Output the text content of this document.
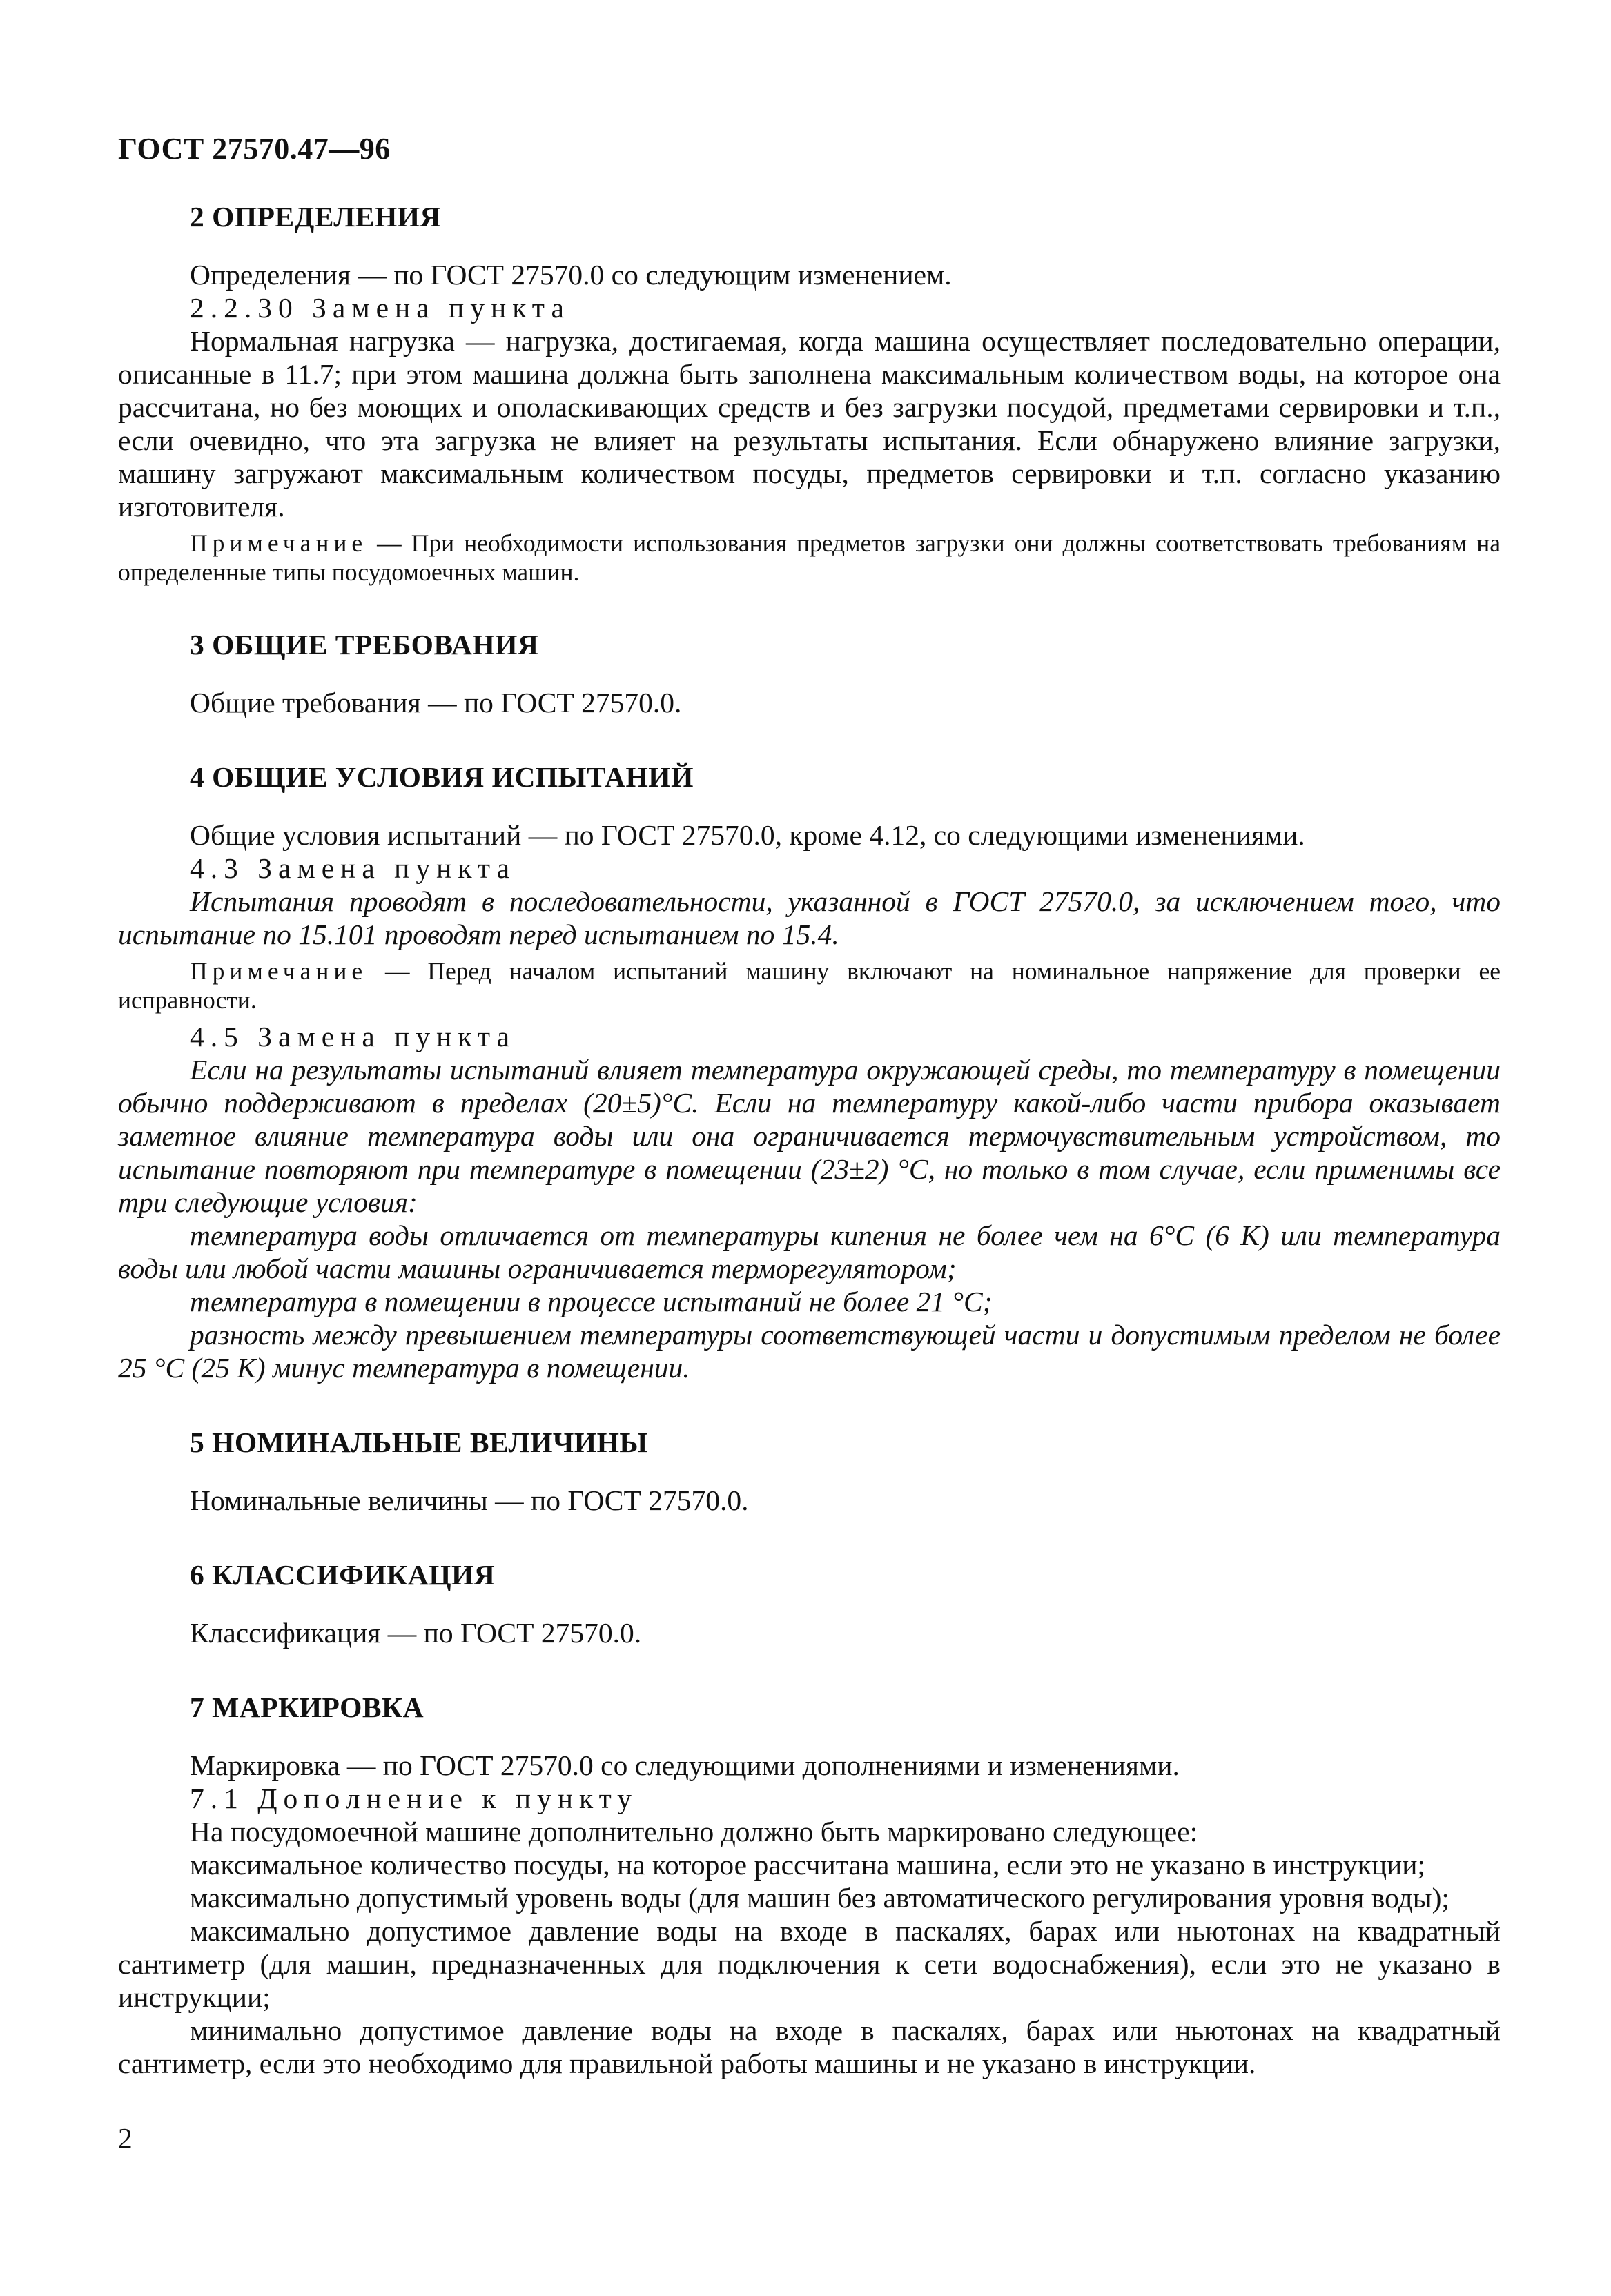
ГОСТ 27570.47—96
2 ОПРЕДЕЛЕНИЯ

Определения — по ГОСТ 27570.0 со следующим изменением.

2.2.30 Замена пункта

Нормальная нагрузка — нагрузка, достигаемая, когда машина осуществляет последовательно операции, описанные в 11.7; при этом машина должна быть заполнена максимальным количеством воды, на которое она рассчитана, но без моющих и ополаскивающих средств и без загрузки посудой, предметами сервировки и т.п., если очевидно, что эта загрузка не влияет на результаты испытания. Если обнаружено влияние загрузки, машину загружают максимальным количеством посуды, предметов сервировки и т.п. согласно указанию изготовителя.

Примечание — При необходимости использования предметов загрузки они должны соответствовать требованиям на определенные типы посудомоечных машин.

3 ОБЩИЕ ТРЕБОВАНИЯ

Общие требования — по ГОСТ 27570.0.

4 ОБЩИЕ УСЛОВИЯ ИСПЫТАНИЙ

Общие условия испытаний — по ГОСТ 27570.0, кроме 4.12, со следующими изменениями.

4.3 Замена пункта

Испытания проводят в последовательности, указанной в ГОСТ 27570.0, за исключением того, что испытание по 15.101 проводят перед испытанием по 15.4.

Примечание — Перед началом испытаний машину включают на номинальное напряжение для проверки ее исправности.

4.5 Замена пункта

Если на результаты испытаний влияет температура окружающей среды, то температуру в помещении обычно поддерживают в пределах (20±5)°С. Если на температуру какой-либо части прибора оказывает заметное влияние температура воды или она ограничивается термочувствительным устройством, то испытание повторяют при температуре в помещении (23±2) °С, но только в том случае, если применимы все три следующие условия:

температура воды отличается от температуры кипения не более чем на 6°С (6 К) или температура воды или любой части машины ограничивается терморегулятором;

температура в помещении в процессе испытаний не более 21 °С;

разность между превышением температуры соответствующей части и допустимым пределом не более 25 °С (25 К) минус температура в помещении.

5 НОМИНАЛЬНЫЕ ВЕЛИЧИНЫ

Номинальные величины — по ГОСТ 27570.0.

6 КЛАССИФИКАЦИЯ

Классификация — по ГОСТ 27570.0.

7 МАРКИРОВКА

Маркировка — по ГОСТ 27570.0 со следующими дополнениями и изменениями.

7.1 Дополнение к пункту

На посудомоечной машине дополнительно должно быть маркировано следующее:

максимальное количество посуды, на которое рассчитана машина, если это не указано в инструкции;

максимально допустимый уровень воды (для машин без автоматического регулирования уровня воды);

максимально допустимое давление воды на входе в паскалях, барах или ньютонах на квадратный сантиметр (для машин, предназначенных для подключения к сети водоснабжения), если это не указано в инструкции;

минимально допустимое давление воды на входе в паскалях, барах или ньютонах на квадратный сантиметр, если это необходимо для правильной работы машины и не указано в инструкции.

2
